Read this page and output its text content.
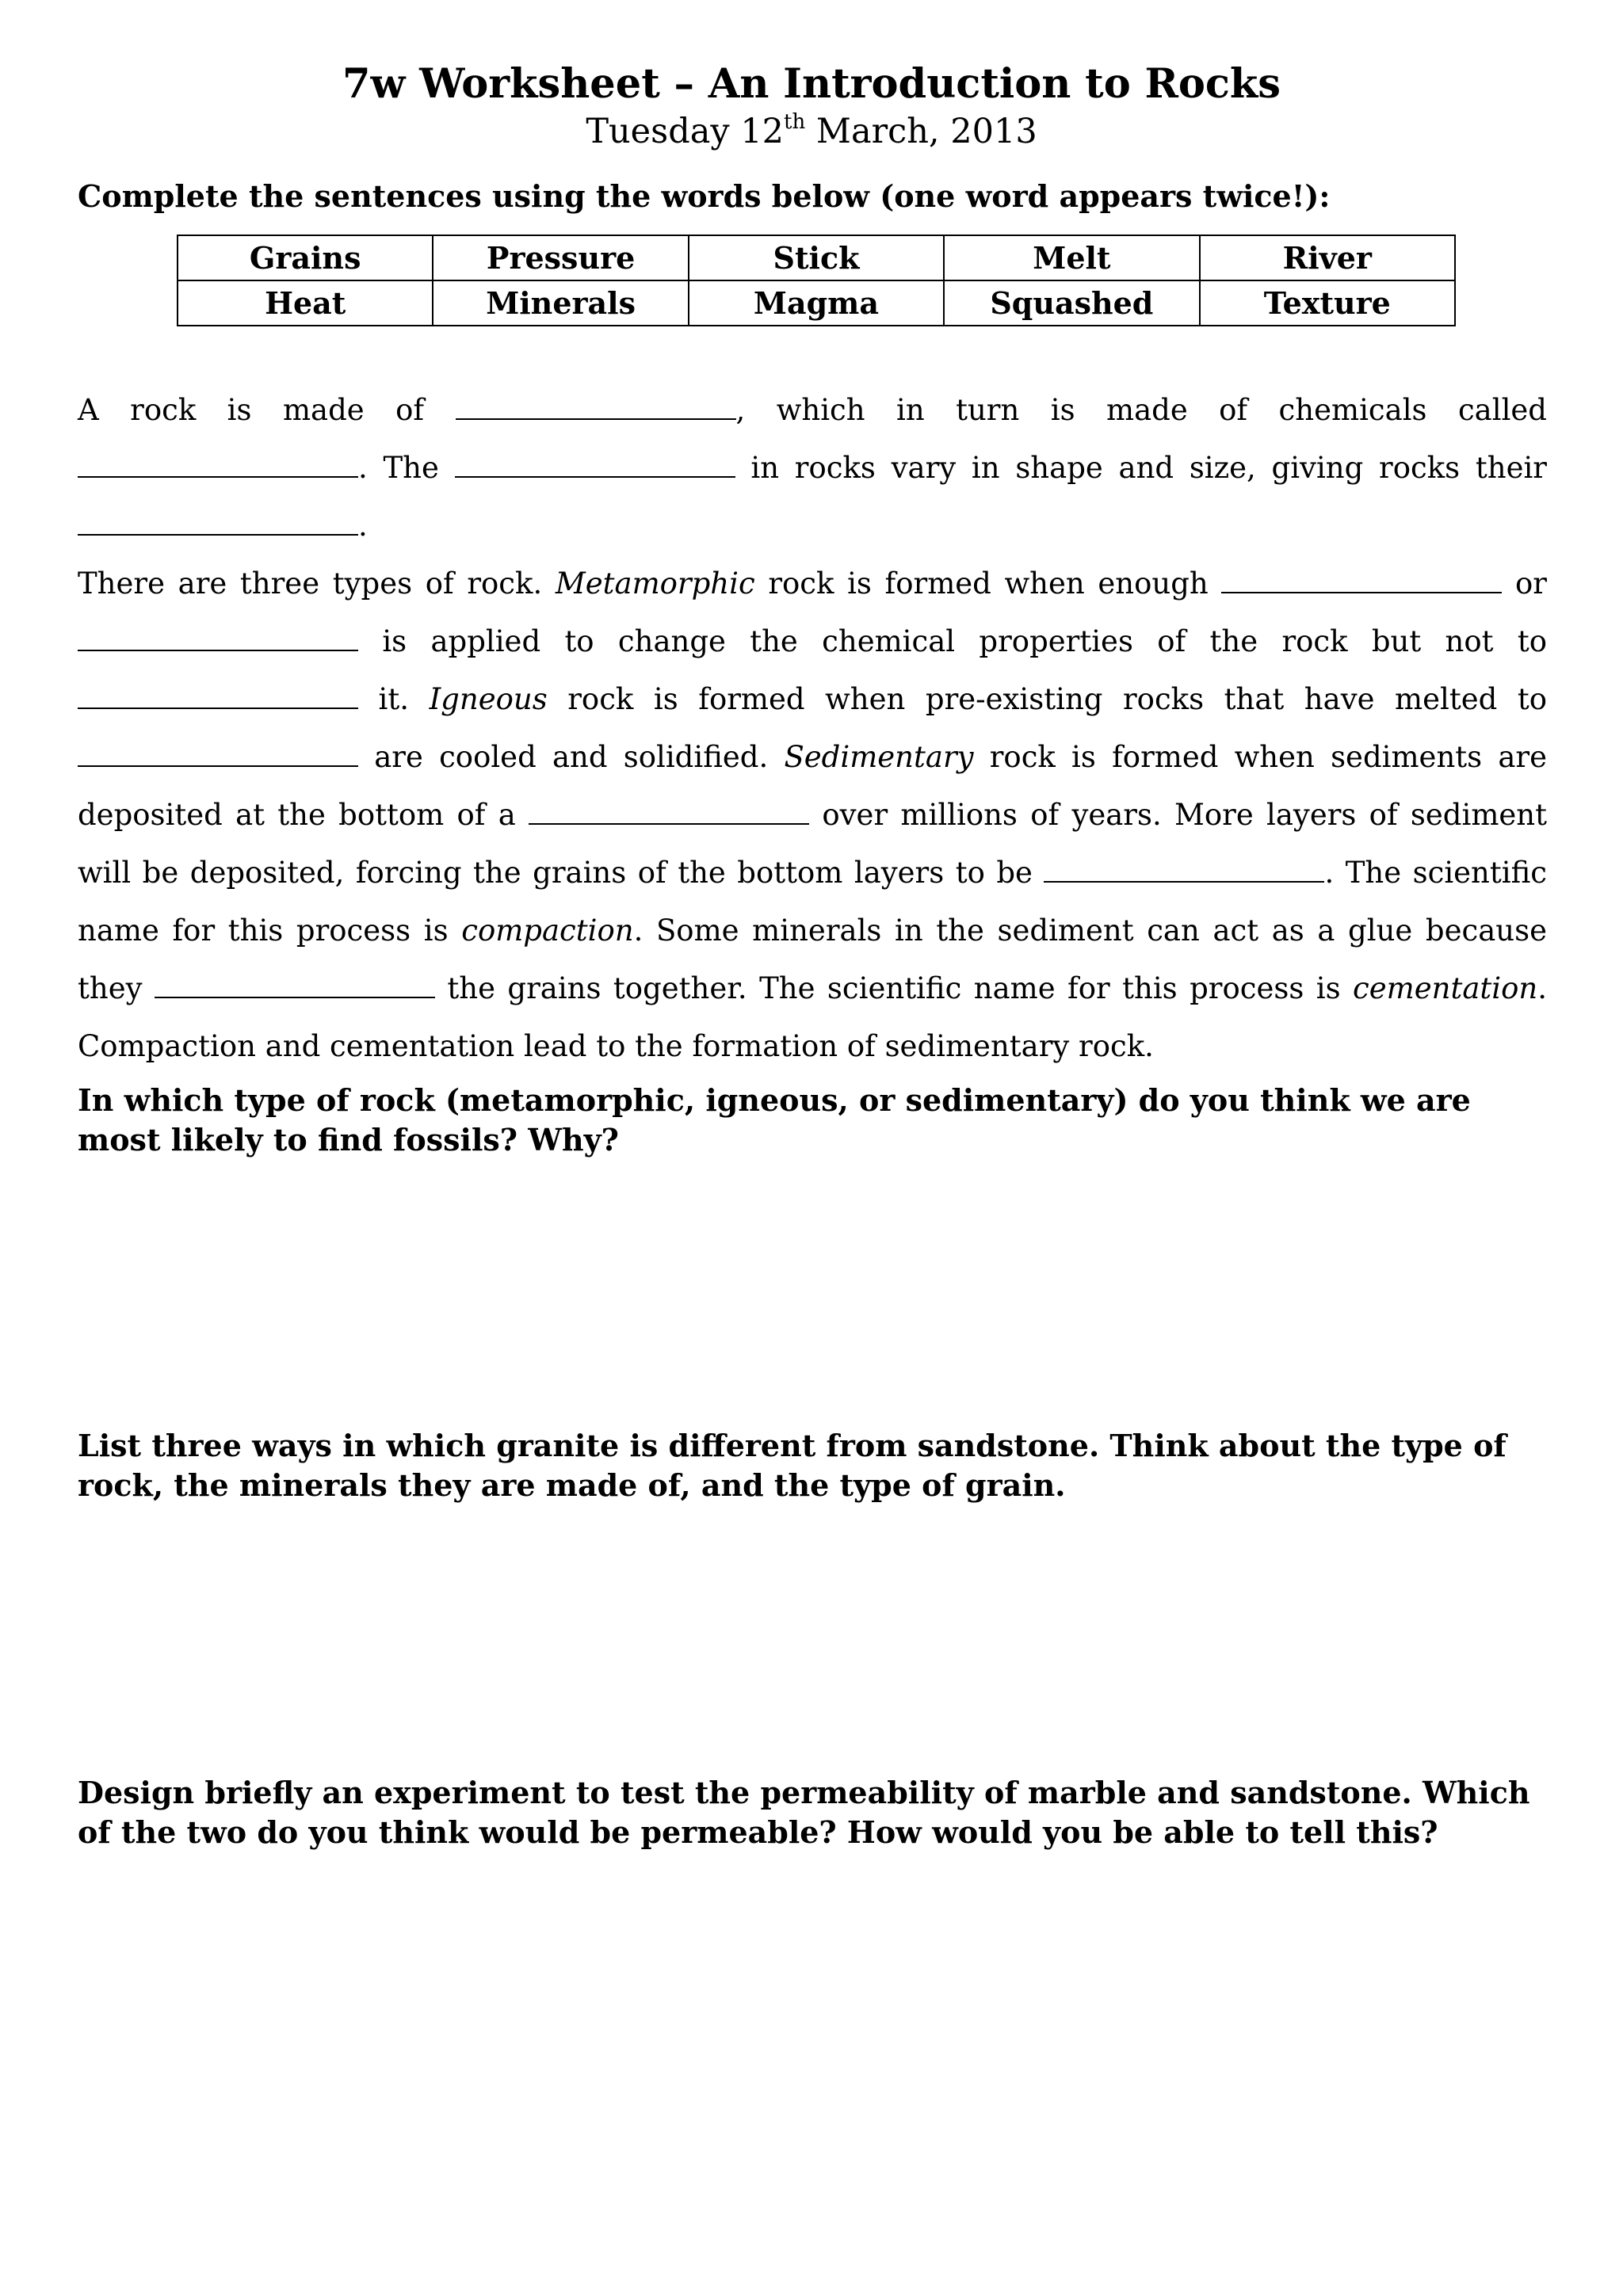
7w Worksheet – An Introduction to Rocks
Tuesday 12th March, 2013
Complete the sentences using the words below (one word appears twice!):
Grains	Pressure	Stick	Melt	River
Heat	Minerals	Magma	Squashed	Texture

A rock is made of	, which in turn is made of chemicals called . The	in rocks vary in shape and size, giving rocks their .

There are three types of rock. Metamorphic rock is formed when enough	or  is applied to change the chemical properties of the rock but not to  it. Igneous rock is formed when pre-existing rocks that have melted to  are cooled and solidified. Sedimentary rock is formed when sediments are deposited at the bottom of a	over millions of years. More layers of sediment will be deposited, forcing the grains of the bottom layers to be	. The scientific name for this process is compaction. Some minerals in the sediment can act as a glue because they	the grains together. The scientific name for this process is cementation. Compaction and cementation lead to the formation of sedimentary rock.

In which type of rock (metamorphic, igneous, or sedimentary) do you think we are most likely to find fossils? Why?
List three ways in which granite is different from sandstone. Think about the type of rock, the minerals they are made of, and the type of grain.
Design briefly an experiment to test the permeability of marble and sandstone. Which of the two do you think would be permeable? How would you be able to tell this?
